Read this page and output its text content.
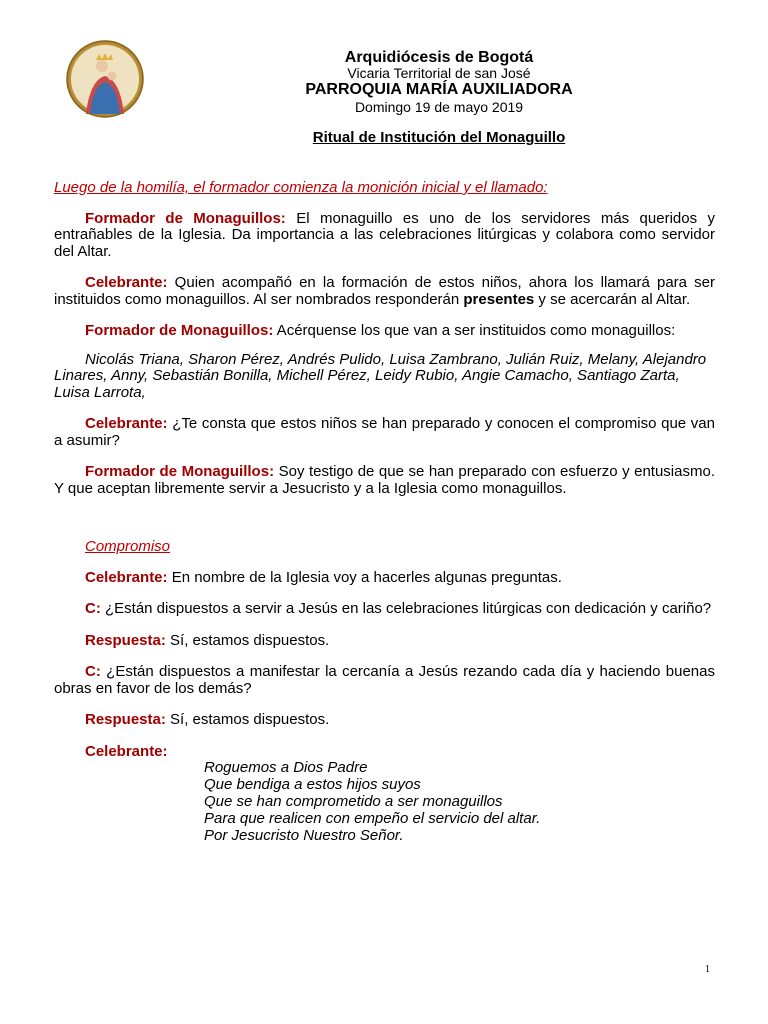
Arquidiócesis de Bogotá
Vicaria Territorial de san José
PARROQUIA MARÍA AUXILIADORA
Domingo 19 de mayo 2019
Ritual de Institución del Monaguillo
Luego de la homilía, el formador comienza la monición inicial y el llamado:

Formador de Monaguillos: El monaguillo es uno de los servidores más queridos y entrañables de la Iglesia. Da importancia a las celebraciones litúrgicas y colabora como servidor del Altar.

Celebrante: Quien acompañó en la formación de estos niños, ahora los llamará para ser instituidos como monaguillos. Al ser nombrados responderán presentes y se acercarán al Altar.

Formador de Monaguillos: Acérquense los que van a ser instituidos como monaguillos:

Nicolás Triana, Sharon Pérez, Andrés Pulido, Luisa Zambrano, Julián Ruiz, Melany, Alejandro Linares, Anny, Sebastián Bonilla, Michell Pérez, Leidy Rubio, Angie Camacho, Santiago Zarta, Luisa Larrota,

Celebrante: ¿Te consta que estos niños se han preparado y conocen el compromiso que van a asumir?

Formador de Monaguillos: Soy testigo de que se han preparado con esfuerzo y entusiasmo. Y que aceptan libremente servir a Jesucristo y a la Iglesia como monaguillos.

Compromiso

Celebrante: En nombre de la Iglesia voy a hacerles algunas preguntas.

C: ¿Están dispuestos a servir a Jesús en las celebraciones litúrgicas con dedicación y cariño?

Respuesta: Sí, estamos dispuestos.

C: ¿Están dispuestos a manifestar la cercanía a Jesús rezando cada día y haciendo buenas obras en favor de los demás?

Respuesta: Sí, estamos dispuestos.

Celebrante:

Roguemos a Dios Padre
Que bendiga a estos hijos suyos
Que se han comprometido a ser monaguillos
Para que realicen con empeño el servicio del altar.
Por Jesucristo Nuestro Señor.
1
